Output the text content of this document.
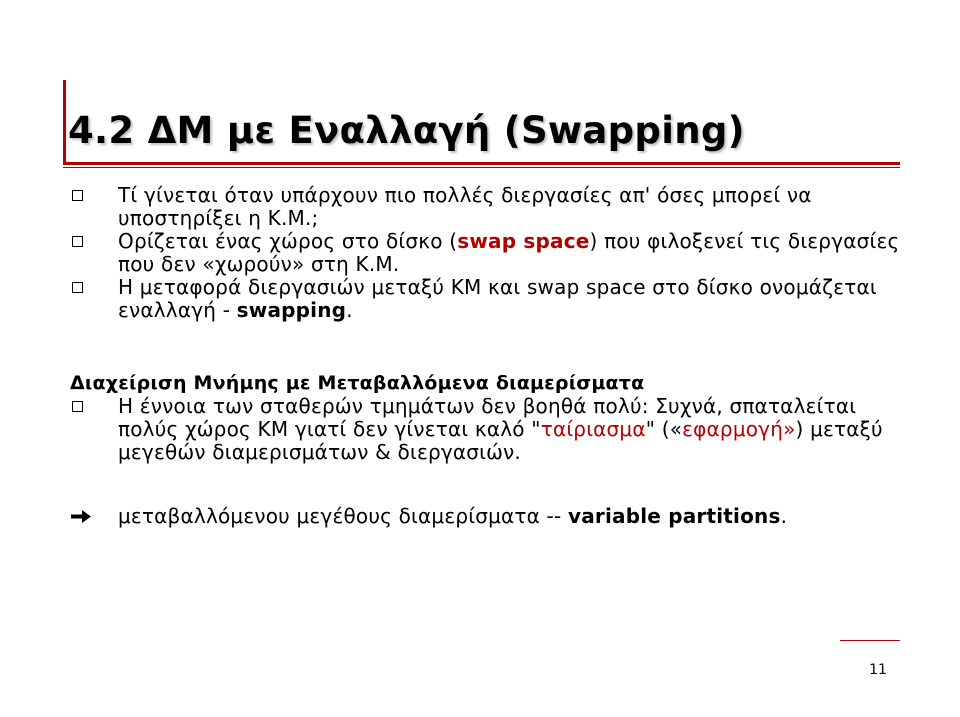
4.2 ΔΜ με Εναλλαγή (Swapping)
Τί γίνεται όταν υπάρχουν πιο πολλές διεργασίες απ' όσες μπορεί να υποστηρίξει η Κ.Μ.;
Ορίζεται ένας χώρος στο δίσκο (swap space) που φιλοξενεί τις διεργασίες που δεν «χωρούν» στη Κ.Μ.
Η μεταφορά διεργασιών μεταξύ ΚΜ και swap space στο δίσκο ονομάζεται εναλλαγή - swapping.

Διαχείριση Μνήμης με Μεταβαλλόμενα διαμερίσματα

Η έννοια των σταθερών τμημάτων δεν βοηθά πολύ: Συχνά, σπαταλείται πολύς χώρος ΚΜ γιατί δεν γίνεται καλό "ταίριασμα" («εφαρμογή») μεταξύ μεγεθών διαμερισμάτων & διεργασιών.
μεταβαλλόμενου μεγέθους διαμερίσματα -- variable partitions.
11
